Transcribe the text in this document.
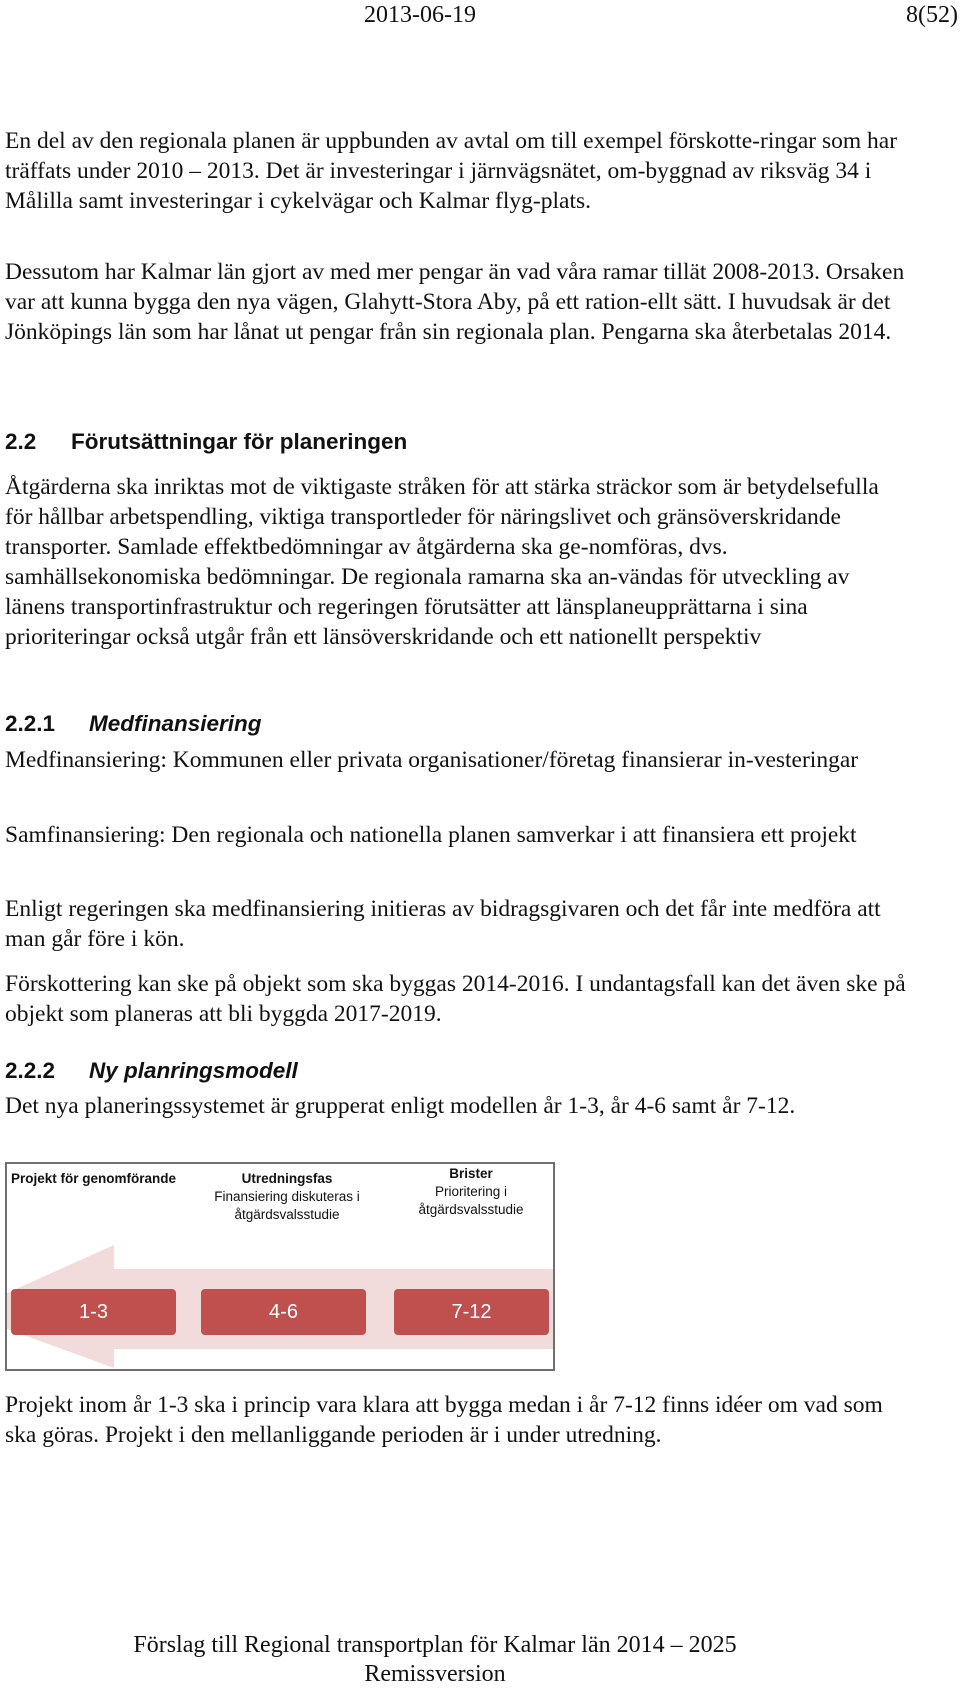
2013-06-19	8(52)

En del av den regionala planen är uppbunden av avtal om till exempel förskotte-ringar som har träffats under 2010 – 2013. Det är investeringar i järnvägsnätet, om-byggnad av riksväg 34 i Målilla samt investeringar i cykelvägar och Kalmar flyg-plats.

Dessutom har Kalmar län gjort av med mer pengar än vad våra ramar tillät 2008-2013. Orsaken var att kunna bygga den nya vägen, Glahytt-Stora Aby, på ett ration-ellt sätt. I huvudsak är det Jönköpings län som har lånat ut pengar från sin regionala plan. Pengarna ska återbetalas 2014.

2.2 Förutsättningar för planeringen

Åtgärderna ska inriktas mot de viktigaste stråken för att stärka sträckor som är betydelsefulla för hållbar arbetspendling, viktiga transportleder för näringslivet och gränsöverskridande transporter. Samlade effektbedömningar av åtgärderna ska ge-nomföras, dvs. samhällsekonomiska bedömningar. De regionala ramarna ska an-vändas för utveckling av länens transportinfrastruktur och regeringen förutsätter att länsplaneupprättarna i sina prioriteringar också utgår från ett länsöverskridande och ett nationellt perspektiv

2.2.1 Medfinansiering

Medfinansiering: Kommunen eller privata organisationer/företag finansierar in-vesteringar

Samfinansiering: Den regionala och nationella planen samverkar i att finansiera ett projekt

Enligt regeringen ska medfinansiering initieras av bidragsgivaren och det får inte medföra att man går före i kön.

Förskottering kan ske på objekt som ska byggas 2014-2016. I undantagsfall kan det även ske på objekt som planeras att bli byggda 2017-2019.

2.2.2 Ny planringsmodell

Det nya planeringssystemet är grupperat enligt modellen år 1-3, år 4-6 samt år 7-12.

Projekt för genomförande	Utredningsfas
Finansiering diskuteras i åtgärdsvalsstudie
Brister
Prioritering i åtgärdsvalsstudie
1-3	4-6	7-12

Projekt inom år 1-3 ska i princip vara klara att bygga medan i år 7-12 finns idéer om vad som ska göras. Projekt i den mellanliggande perioden är i under utredning.

Förslag till Regional transportplan för Kalmar län 2014 – 2025
Remissversion
